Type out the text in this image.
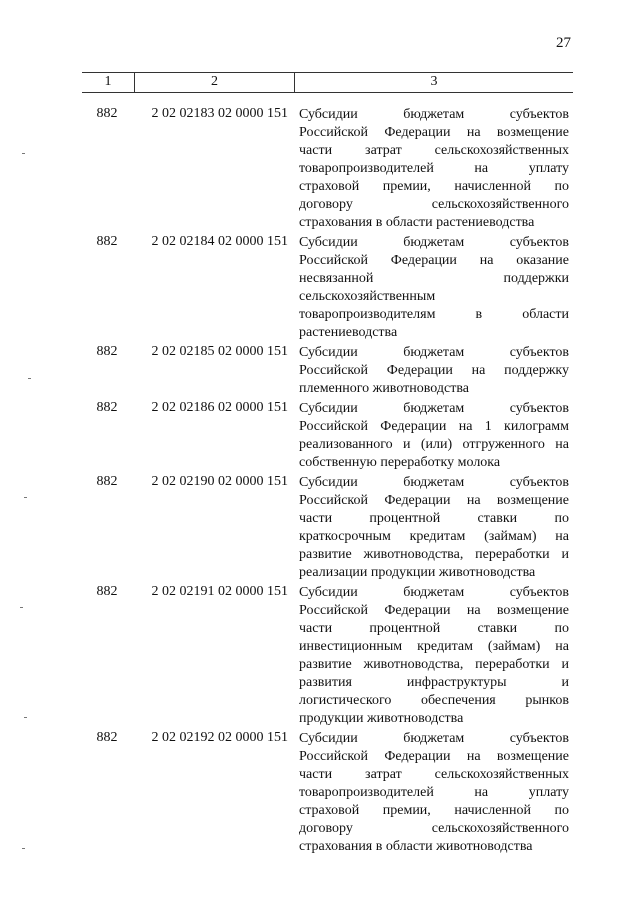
27
1	2	3
882	2 02 02183 02 0000 151 Субсидии бюджетам субъектов
Российской Федерации на возмещение
части затрат сельскохозяйственных
товаропроизводителей на уплату
страховой премии, начисленной по
договору сельскохозяйственного
страхования в области растениеводства
882	2 02 02184 02 0000 151 Субсидии бюджетам субъектов
Российской Федерации на оказание
несвязанной поддержки
сельскохозяйственным
товаропроизводителям в области
растениеводства
882	2 02 02185 02 0000 151 Субсидии бюджетам субъектов
Российской Федерации на поддержку
племенного животноводства
882	2 02 02186 02 0000 151 Субсидии бюджетам субъектов
Российской Федерации на 1 килограмм
реализованного и (или) отгруженного на
собственную переработку молока
882	2 02 02190 02 0000 151 Субсидии бюджетам субъектов
Российской Федерации на возмещение
части процентной ставки по
краткосрочным кредитам (займам) на
развитие животноводства, переработки и
реализации продукции животноводства
882	2 02 02191 02 0000 151 Субсидии бюджетам субъектов
Российской Федерации на возмещение
части процентной ставки по
инвестиционным кредитам (займам) на
развитие животноводства, переработки и
развития инфраструктуры и
логистического обеспечения рынков
продукции животноводства
882	2 02 02192 02 0000 151 Субсидии бюджетам субъектов
Российской Федерации на возмещение
части затрат сельскохозяйственных
товаропроизводителей на уплату
страховой премии, начисленной по
договору сельскохозяйственного
страхования в области животноводства
